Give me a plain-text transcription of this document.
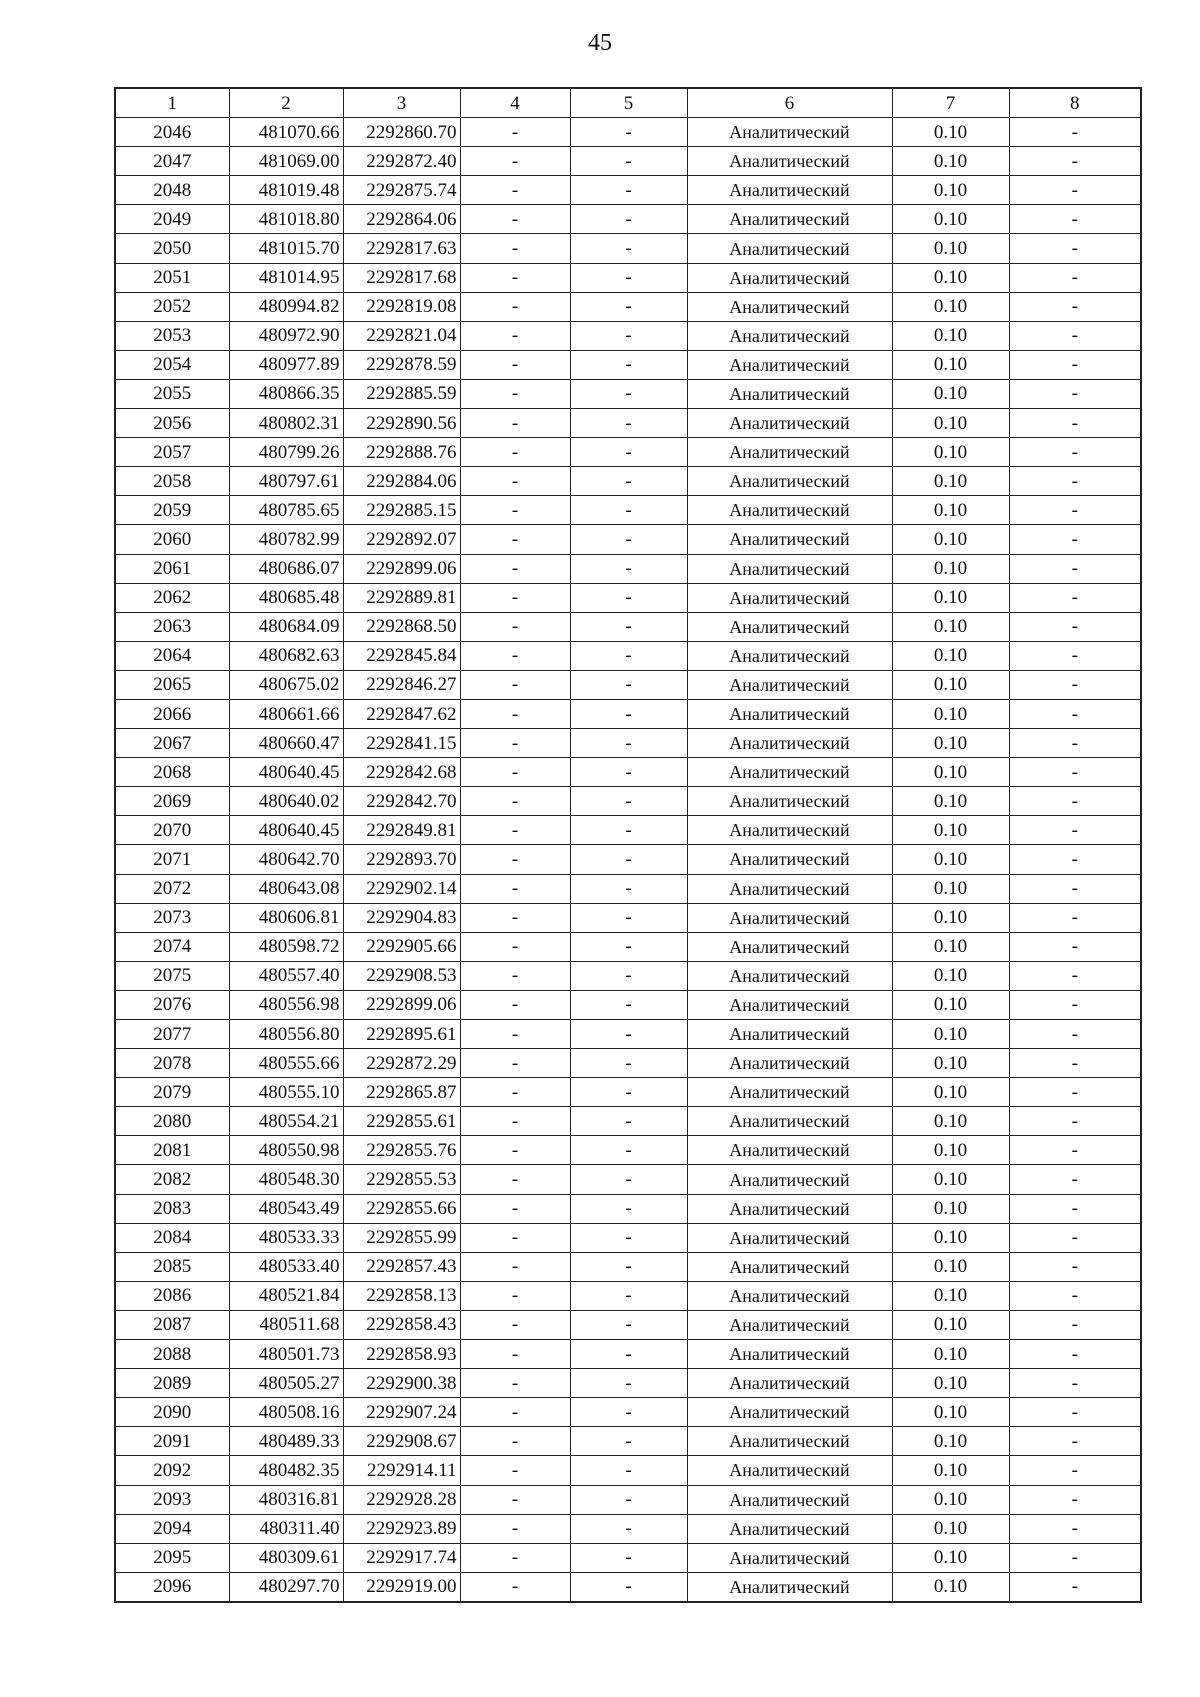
45
1	2	3	4	5	6	7	8
2046	481070.66	2292860.70	-	-	Аналитический	0.10	-
2047	481069.00	2292872.40	-	-	Аналитический	0.10	-
2048	481019.48	2292875.74	-	-	Аналитический	0.10	-
2049	481018.80	2292864.06	-	-	Аналитический	0.10	-
2050	481015.70	2292817.63	-	-	Аналитический	0.10	-
2051	481014.95	2292817.68	-	-	Аналитический	0.10	-
2052	480994.82	2292819.08	-	-	Аналитический	0.10	-
2053	480972.90	2292821.04	-	-	Аналитический	0.10	-
2054	480977.89	2292878.59	-	-	Аналитический	0.10	-
2055	480866.35	2292885.59	-	-	Аналитический	0.10	-
2056	480802.31	2292890.56	-	-	Аналитический	0.10	-
2057	480799.26	2292888.76	-	-	Аналитический	0.10	-
2058	480797.61	2292884.06	-	-	Аналитический	0.10	-
2059	480785.65	2292885.15	-	-	Аналитический	0.10	-
2060	480782.99	2292892.07	-	-	Аналитический	0.10	-
2061	480686.07	2292899.06	-	-	Аналитический	0.10	-
2062	480685.48	2292889.81	-	-	Аналитический	0.10	-
2063	480684.09	2292868.50	-	-	Аналитический	0.10	-
2064	480682.63	2292845.84	-	-	Аналитический	0.10	-
2065	480675.02	2292846.27	-	-	Аналитический	0.10	-
2066	480661.66	2292847.62	-	-	Аналитический	0.10	-
2067	480660.47	2292841.15	-	-	Аналитический	0.10	-
2068	480640.45	2292842.68	-	-	Аналитический	0.10	-
2069	480640.02	2292842.70	-	-	Аналитический	0.10	-
2070	480640.45	2292849.81	-	-	Аналитический	0.10	-
2071	480642.70	2292893.70	-	-	Аналитический	0.10	-
2072	480643.08	2292902.14	-	-	Аналитический	0.10	-
2073	480606.81	2292904.83	-	-	Аналитический	0.10	-
2074	480598.72	2292905.66	-	-	Аналитический	0.10	-
2075	480557.40	2292908.53	-	-	Аналитический	0.10	-
2076	480556.98	2292899.06	-	-	Аналитический	0.10	-
2077	480556.80	2292895.61	-	-	Аналитический	0.10	-
2078	480555.66	2292872.29	-	-	Аналитический	0.10	-
2079	480555.10	2292865.87	-	-	Аналитический	0.10	-
2080	480554.21	2292855.61	-	-	Аналитический	0.10	-
2081	480550.98	2292855.76	-	-	Аналитический	0.10	-
2082	480548.30	2292855.53	-	-	Аналитический	0.10	-
2083	480543.49	2292855.66	-	-	Аналитический	0.10	-
2084	480533.33	2292855.99	-	-	Аналитический	0.10	-
2085	480533.40	2292857.43	-	-	Аналитический	0.10	-
2086	480521.84	2292858.13	-	-	Аналитический	0.10	-
2087	480511.68	2292858.43	-	-	Аналитический	0.10	-
2088	480501.73	2292858.93	-	-	Аналитический	0.10	-
2089	480505.27	2292900.38	-	-	Аналитический	0.10	-
2090	480508.16	2292907.24	-	-	Аналитический	0.10	-
2091	480489.33	2292908.67	-	-	Аналитический	0.10	-
2092	480482.35	2292914.11	-	-	Аналитический	0.10	-
2093	480316.81	2292928.28	-	-	Аналитический	0.10	-
2094	480311.40	2292923.89	-	-	Аналитический	0.10	-
2095	480309.61	2292917.74	-	-	Аналитический	0.10	-
2096	480297.70	2292919.00	-	-	Аналитический	0.10	-
